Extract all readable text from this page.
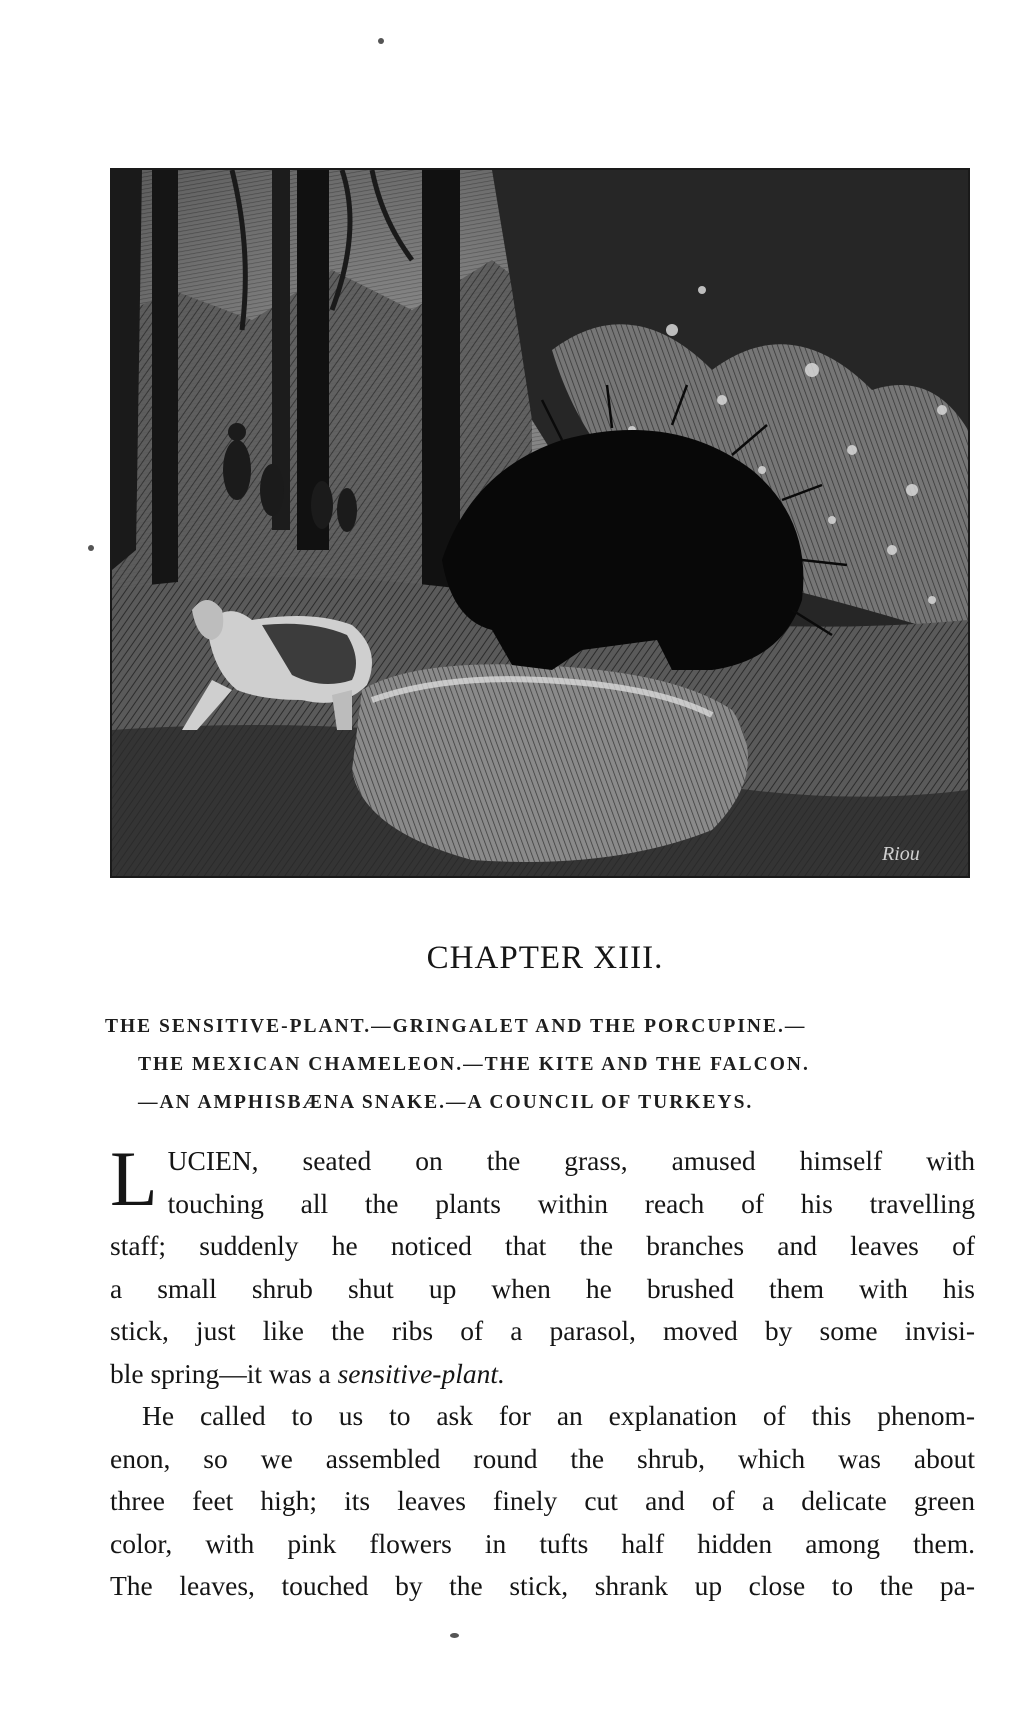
Riou
CHAPTER XIII.
THE SENSITIVE-PLANT.—GRINGALET AND THE PORCUPINE.—
THE MEXICAN CHAMELEON.—THE KITE AND THE FALCON.
—AN AMPHISBÆNA SNAKE.—A COUNCIL OF TURKEYS.
L UCIEN, seated on the grass, amused himself with
touching all the plants within reach of his travelling
staff; suddenly he noticed that the branches and leaves of
a small shrub shut up when he brushed them with his
stick, just like the ribs of a parasol, moved by some invisi-
ble spring—it was a sensitive-plant.
He called to us to ask for an explanation of this phenom-
enon, so we assembled round the shrub, which was about
three feet high; its leaves finely cut and of a delicate green
color, with pink flowers in tufts half hidden among them.
The leaves, touched by the stick, shrank up close to the pa-
